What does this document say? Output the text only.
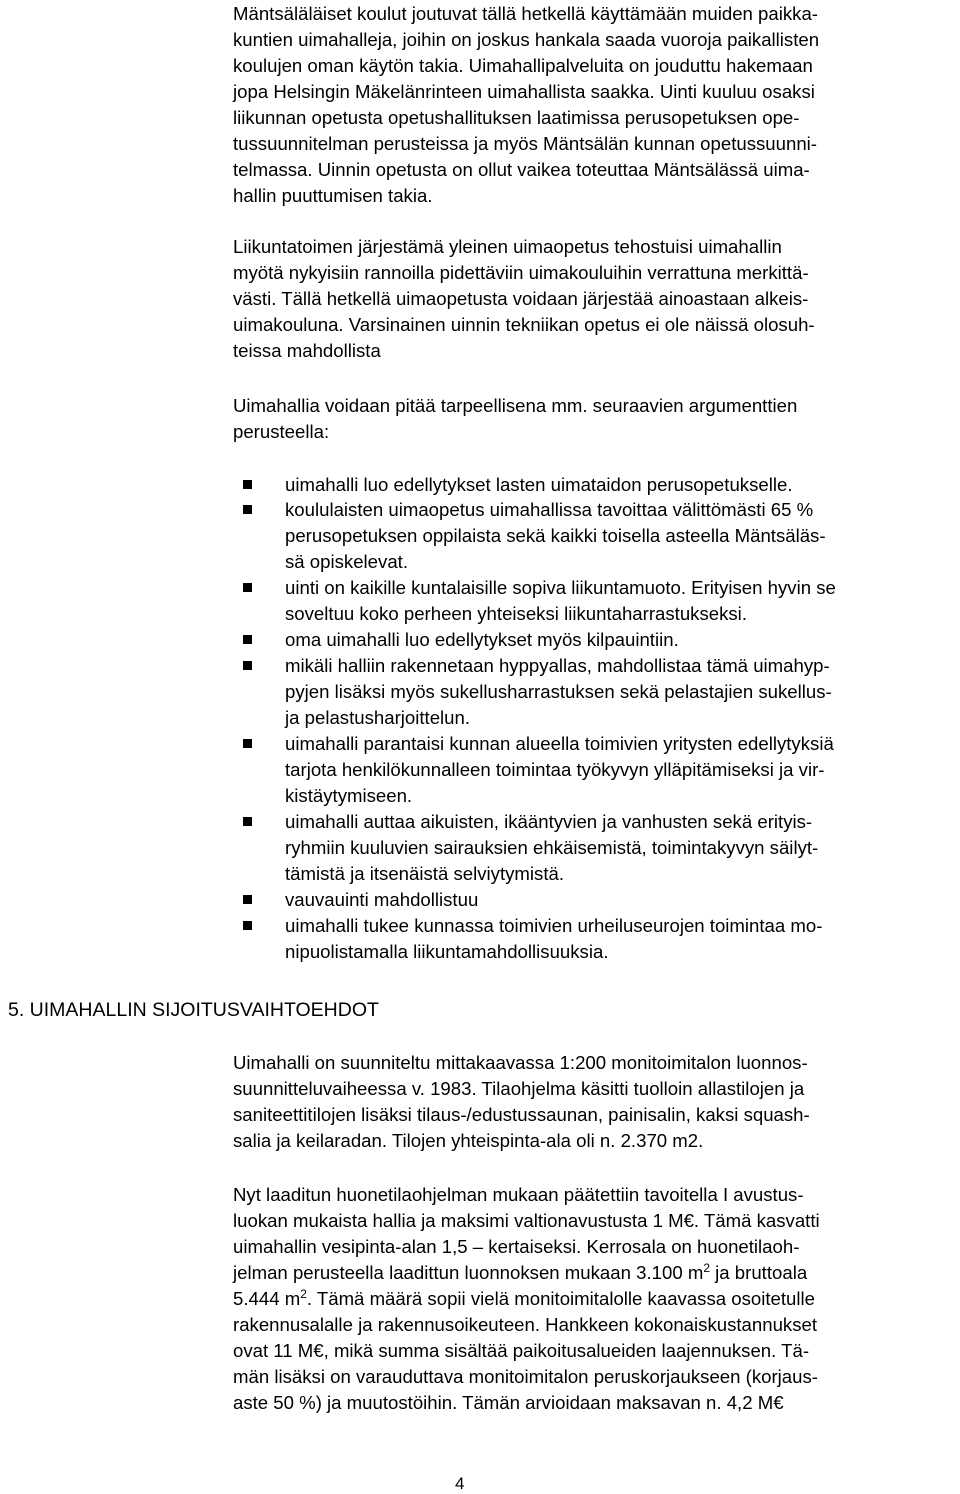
Mäntsäläläiset koulut joutuvat tällä hetkellä käyttämään muiden paikka-
kuntien uimahalleja, joihin on joskus hankala saada vuoroja paikallisten
koulujen oman käytön takia. Uimahallipalveluita on jouduttu hakemaan
jopa Helsingin Mäkelänrinteen uimahallista saakka. Uinti kuuluu osaksi
liikunnan opetusta opetushallituksen laatimissa perusopetuksen ope-
tussuunnitelman perusteissa ja myös Mäntsälän kunnan opetussuunni-
telmassa. Uinnin opetusta on ollut vaikea toteuttaa Mäntsälässä uima-
hallin puuttumisen takia.
Liikuntatoimen järjestämä yleinen uimaopetus tehostuisi uimahallin
myötä nykyisiin rannoilla pidettäviin uimakouluihin verrattuna merkittä-
västi. Tällä hetkellä uimaopetusta voidaan järjestää ainoastaan alkeis-
uimakouluna. Varsinainen uinnin tekniikan opetus ei ole näissä olosuh-
teissa mahdollista
Uimahallia voidaan pitää tarpeellisena mm. seuraavien argumenttien
perusteella:
uimahalli luo edellytykset lasten uimataidon perusopetukselle.
koululaisten uimaopetus uimahallissa tavoittaa välittömästi 65 %
perusopetuksen oppilaista sekä kaikki toisella asteella Mäntsäläs-
sä opiskelevat.
uinti on kaikille kuntalaisille sopiva liikuntamuoto. Erityisen hyvin se
soveltuu koko perheen yhteiseksi liikuntaharrastukseksi.
oma uimahalli luo edellytykset myös kilpauintiin.
mikäli halliin rakennetaan hyppyallas, mahdollistaa tämä uimahyp-
pyjen lisäksi myös sukellusharrastuksen sekä pelastajien sukellus-
ja pelastusharjoittelun.
uimahalli parantaisi kunnan alueella toimivien yritysten edellytyksiä
tarjota henkilökunnalleen toimintaa työkyvyn ylläpitämiseksi ja vir-
kistäytymiseen.
uimahalli auttaa aikuisten, ikääntyvien ja vanhusten sekä erityis-
ryhmiin kuuluvien sairauksien ehkäisemistä, toimintakyvyn säilyt-
tämistä ja itsenäistä selviytymistä.
vauvauinti mahdollistuu
uimahalli tukee kunnassa toimivien urheiluseurojen toimintaa mo-
nipuolistamalla liikuntamahdollisuuksia.
5. UIMAHALLIN SIJOITUSVAIHTOEHDOT
Uimahalli on suunniteltu mittakaavassa 1:200 monitoimitalon luonnos-
suunnitteluvaiheessa v. 1983. Tilaohjelma käsitti tuolloin allastilojen ja
saniteettitilojen lisäksi tilaus-/edustussaunan, painisalin, kaksi squash-
salia ja keilaradan. Tilojen yhteispinta-ala oli n. 2.370 m2.
Nyt laaditun huonetilaohjelman mukaan päätettiin tavoitella I avustus-
luokan mukaista hallia ja maksimi valtionavustusta 1 M€. Tämä kasvatti
uimahallin vesipinta-alan 1,5 – kertaiseksi. Kerrosala on huonetilaoh-
jelman perusteella laadittun luonnoksen mukaan 3.100 $m^2$ ja bruttoala
5.444 $m^2$. Tämä määrä sopii vielä monitoimitalolle kaavassa osoitetulle
rakennusalalle ja rakennusoikeuteen. Hankkeen kokonaiskustannukset
ovat 11 M€, mikä summa sisältää paikoitusalueiden laajennuksen. Tä-
män lisäksi on varauduttava monitoimitalon peruskorjaukseen (korjaus-
aste 50 %) ja muutostöihin. Tämän arvioidaan maksavan n. 4,2 M€
4
